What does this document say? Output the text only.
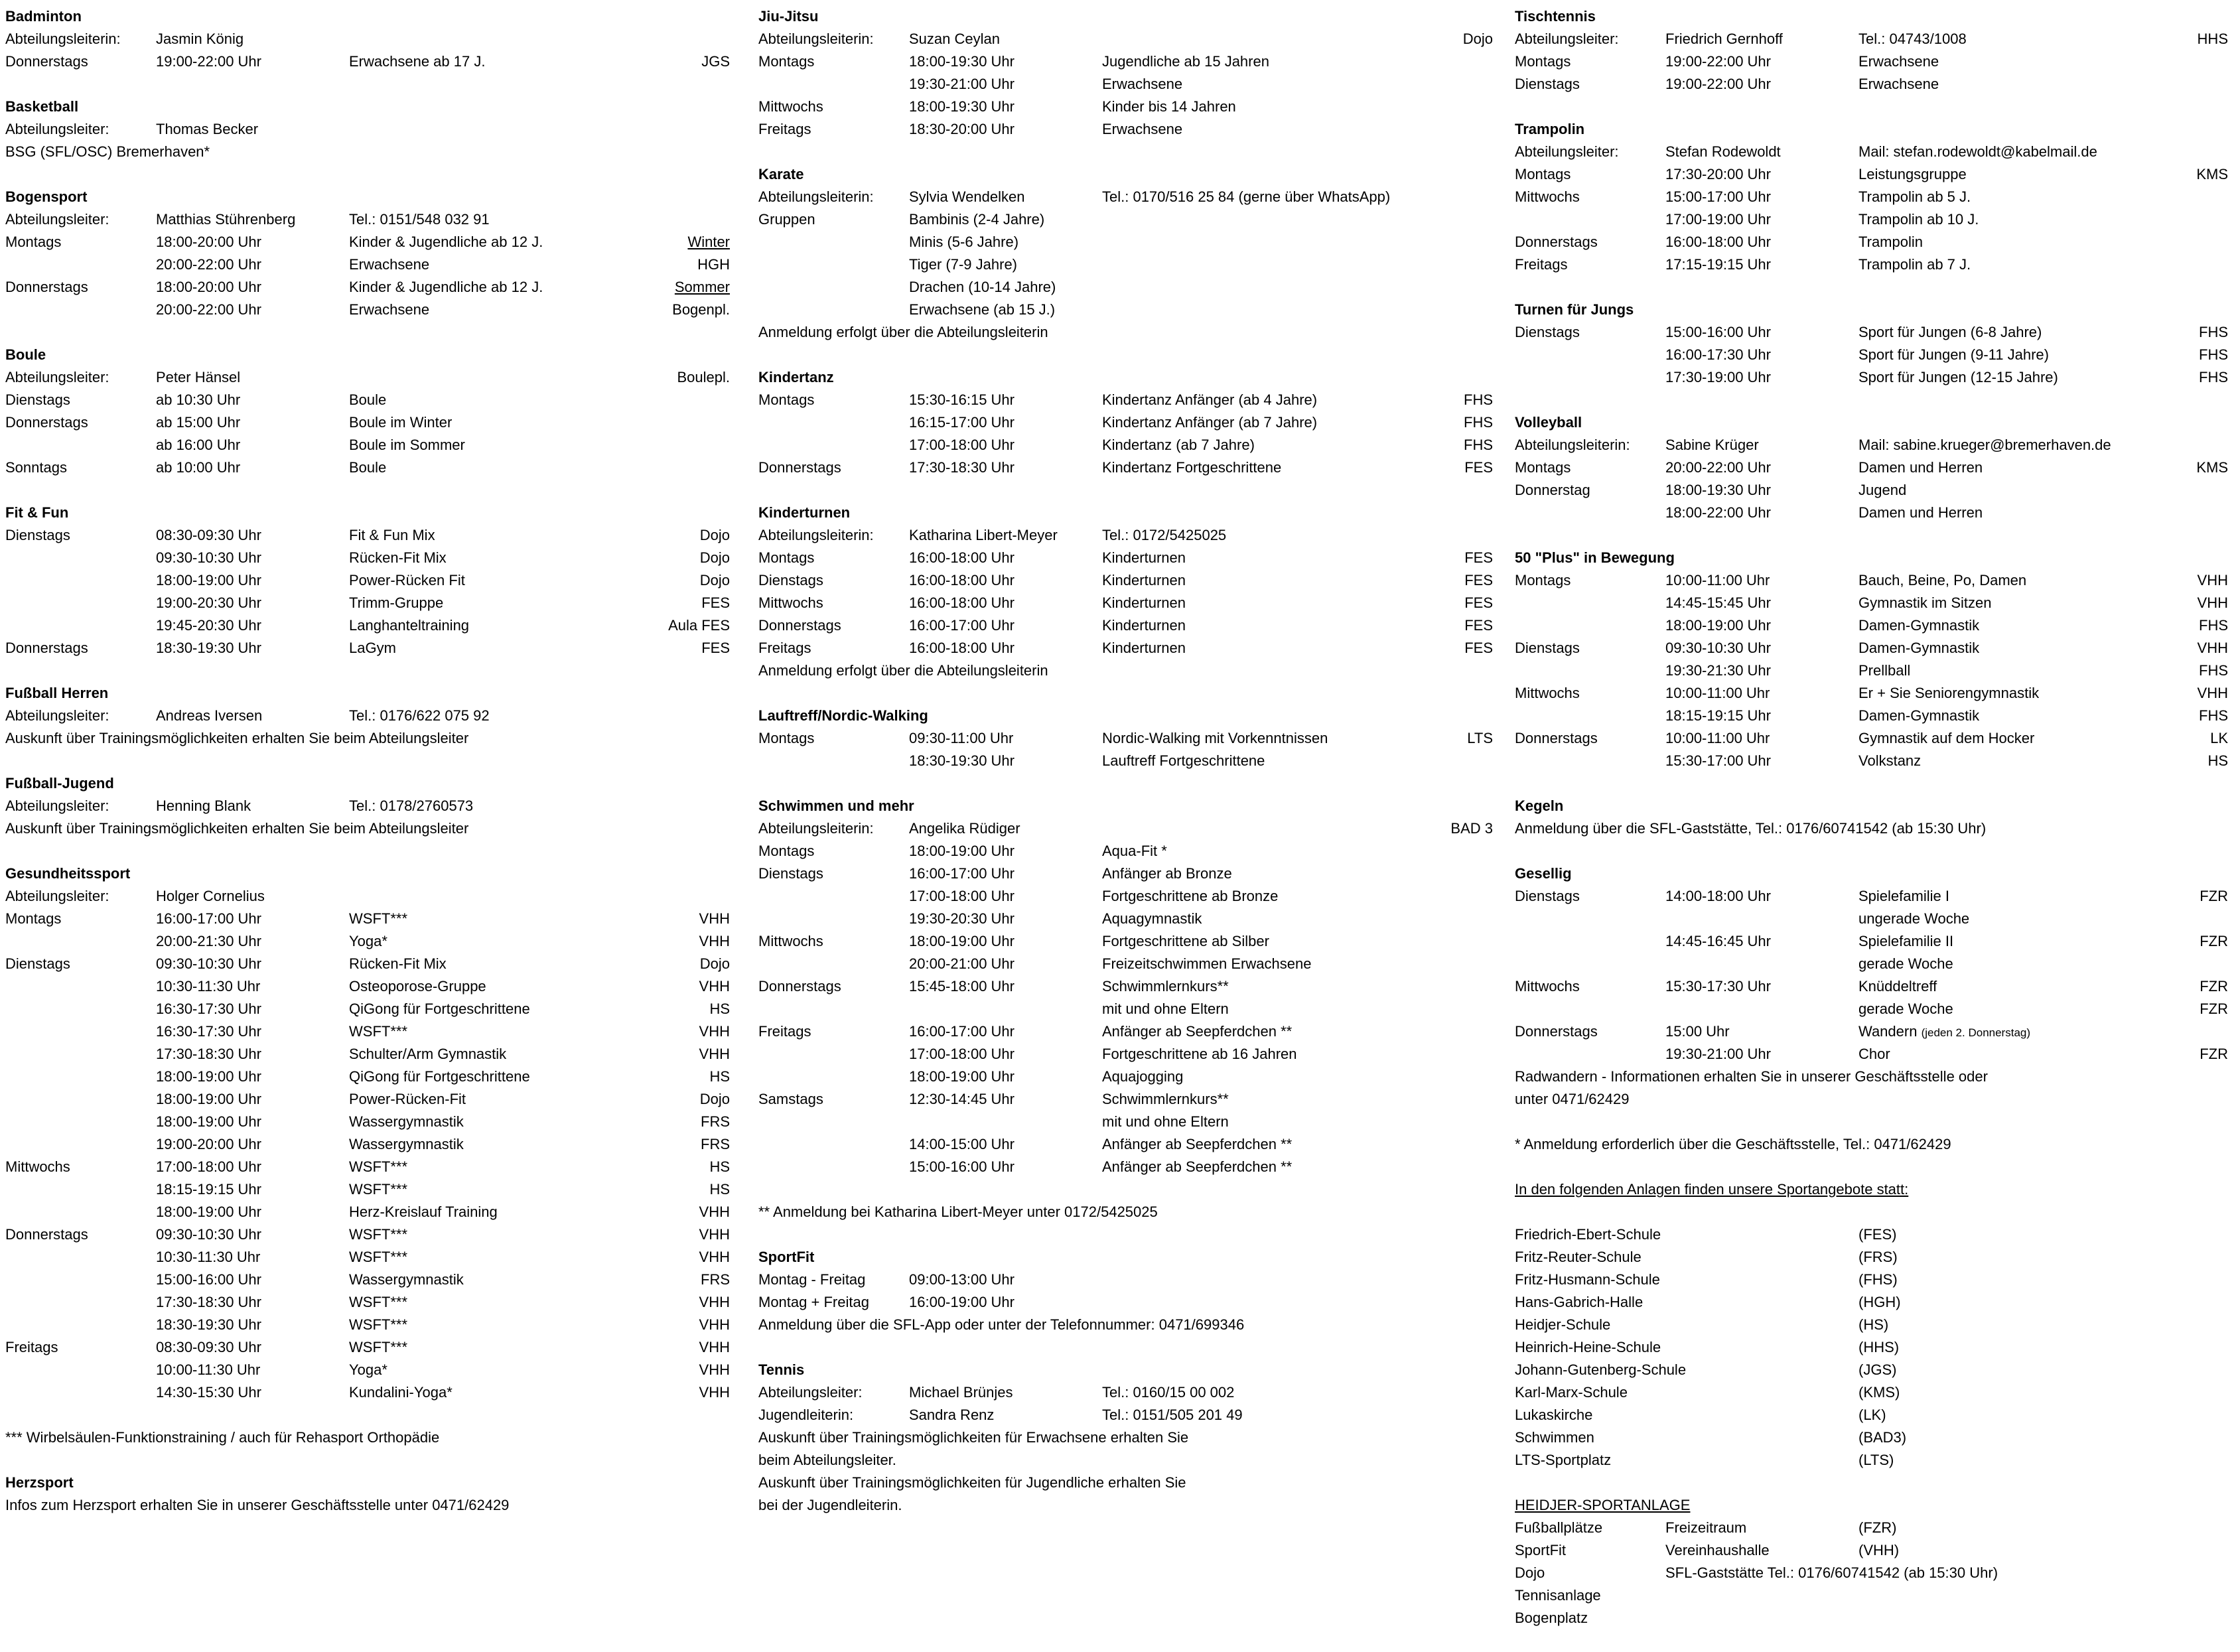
Badminton
Abteilungsleiterin: Jasmin König
Donnerstags	19:00-22:00 Uhr	Erwachsene ab 17 J.	JGS
Basketball
Abteilungsleiter:	Thomas Becker
BSG (SFL/OSC) Bremerhaven*
Bogensport
Abteilungsleiter:	Matthias Stührenberg	Tel.: 0151/548 032 91
Montags	18:00-20:00 Uhr	Kinder & Jugendliche ab 12 J.	Winter
20:00-22:00 Uhr	Erwachsene	HGH
Donnerstags	18:00-20:00 Uhr	Kinder & Jugendliche ab 12 J.	Sommer
20:00-22:00 Uhr	Erwachsene	Bogenpl.
Boule
Abteilungsleiter:	Peter Hänsel	Boulepl.
Dienstags	ab 10:30 Uhr	Boule
Donnerstags	ab 15:00 Uhr	Boule im Winter
ab 16:00 Uhr	Boule im Sommer
Sonntags	ab 10:00 Uhr	Boule
Fit & Fun
Dienstags	08:30-09:30 Uhr	Fit & Fun Mix	Dojo
09:30-10:30 Uhr	Rücken-Fit Mix	Dojo
18:00-19:00 Uhr	Power-Rücken Fit	Dojo
19:00-20:30 Uhr	Trimm-Gruppe	FES
19:45-20:30 Uhr	Langhanteltraining	Aula FES
Donnerstags	18:30-19:30 Uhr	LaGym	FES
Fußball Herren
Abteilungsleiter:	Andreas Iversen	Tel.: 0176/622 075 92
Auskunft über Trainingsmöglichkeiten erhalten Sie beim Abteilungsleiter
Fußball-Jugend
Abteilungsleiter:	Henning Blank	Tel.: 0178/2760573
Auskunft über Trainingsmöglichkeiten erhalten Sie beim Abteilungsleiter
Gesundheitssport
Abteilungsleiter:	Holger Cornelius
Montags	16:00-17:00 Uhr	WSFT***	VHH
20:00-21:30 Uhr	Yoga*	VHH
Dienstags	09:30-10:30 Uhr	Rücken-Fit Mix	Dojo
10:30-11:30 Uhr	Osteoporose-Gruppe	VHH
16:30-17:30 Uhr	QiGong für Fortgeschrittene	HS
16:30-17:30 Uhr	WSFT***	VHH
17:30-18:30 Uhr	Schulter/Arm Gymnastik	VHH
18:00-19:00 Uhr	QiGong für Fortgeschrittene	HS
18:00-19:00 Uhr	Power-Rücken-Fit	Dojo
18:00-19:00 Uhr	Wassergymnastik	FRS
19:00-20:00 Uhr	Wassergymnastik	FRS
Mittwochs	17:00-18:00 Uhr	WSFT***	HS
18:15-19:15 Uhr	WSFT***	HS
18:00-19:00 Uhr	Herz-Kreislauf Training	VHH
Donnerstags	09:30-10:30 Uhr	WSFT***	VHH
10:30-11:30 Uhr	WSFT***	VHH
15:00-16:00 Uhr	Wassergymnastik	FRS
17:30-18:30 Uhr	WSFT***	VHH
18:30-19:30 Uhr	WSFT***	VHH
Freitags	08:30-09:30 Uhr	WSFT***	VHH
10:00-11:30 Uhr	Yoga*	VHH
14:30-15:30 Uhr	Kundalini-Yoga*	VHH
*** Wirbelsäulen-Funktionstraining / auch für Rehasport Orthopädie
Herzsport
Infos zum Herzsport erhalten Sie in unserer Geschäftsstelle unter 0471/62429
Jiu-Jitsu
Abteilungsleiterin: Suzan Ceylan	Dojo
Montags	18:00-19:30 Uhr	Jugendliche ab 15 Jahren
19:30-21:00 Uhr	Erwachsene
Mittwochs	18:00-19:30 Uhr	Kinder bis 14 Jahren
Freitags	18:30-20:00 Uhr	Erwachsene
Karate
Abteilungsleiterin: Sylvia Wendelken	Tel.: 0170/516 25 84 (gerne über WhatsApp)
Gruppen	Bambinis (2-4 Jahre)
Minis (5-6 Jahre)
Tiger (7-9 Jahre)
Drachen (10-14 Jahre)
Erwachsene (ab 15 J.)
Anmeldung erfolgt über die Abteilungsleiterin
Kindertanz
Montags	15:30-16:15 Uhr	Kindertanz Anfänger (ab 4 Jahre)	FHS
16:15-17:00 Uhr	Kindertanz Anfänger (ab 7 Jahre)	FHS
17:00-18:00 Uhr	Kindertanz (ab 7 Jahre)	FHS
Donnerstags	17:30-18:30 Uhr	Kindertanz Fortgeschrittene	FES
Kinderturnen
Abteilungsleiterin: Katharina Libert-Meyer	Tel.: 0172/5425025
Montags	16:00-18:00 Uhr	Kinderturnen	FES
Dienstags	16:00-18:00 Uhr	Kinderturnen	FES
Mittwochs	16:00-18:00 Uhr	Kinderturnen	FES
Donnerstags	16:00-17:00 Uhr	Kinderturnen	FES
Freitags	16:00-18:00 Uhr	Kinderturnen	FES
Anmeldung erfolgt über die Abteilungsleiterin
Lauftreff/Nordic-Walking
Montags	09:30-11:00 Uhr	Nordic-Walking mit Vorkenntnissen	LTS
18:30-19:30 Uhr	Lauftreff Fortgeschrittene
Schwimmen und mehr
Abteilungsleiterin: Angelika Rüdiger	BAD 3
Montags	18:00-19:00 Uhr	Aqua-Fit *
Dienstags	16:00-17:00 Uhr	Anfänger ab Bronze
17:00-18:00 Uhr	Fortgeschrittene ab Bronze
19:30-20:30 Uhr	Aquagymnastik
Mittwochs	18:00-19:00 Uhr	Fortgeschrittene ab Silber
20:00-21:00 Uhr	Freizeitschwimmen Erwachsene
Donnerstags	15:45-18:00 Uhr	Schwimmlernkurs**
mit und ohne Eltern
Freitags	16:00-17:00 Uhr	Anfänger ab Seepferdchen **
17:00-18:00 Uhr	Fortgeschrittene ab 16 Jahren
18:00-19:00 Uhr	Aquajogging
Samstags	12:30-14:45 Uhr	Schwimmlernkurs**
mit und ohne Eltern
14:00-15:00 Uhr	Anfänger ab Seepferdchen **
15:00-16:00 Uhr	Anfänger ab Seepferdchen **
** Anmeldung bei Katharina Libert-Meyer unter 0172/5425025
SportFit
Montag - Freitag	09:00-13:00 Uhr
Montag + Freitag	16:00-19:00 Uhr
Anmeldung über die SFL-App oder unter der Telefonnummer: 0471/699346
Tennis
Abteilungsleiter:	Michael Brünjes	Tel.: 0160/15 00 002
Jugendleiterin:	Sandra Renz	Tel.: 0151/505 201 49
Auskunft über Trainingsmöglichkeiten für Erwachsene erhalten Sie
beim Abteilungsleiter.
Auskunft über Trainingsmöglichkeiten für Jugendliche erhalten Sie
bei der Jugendleiterin.
Tischtennis
Abteilungsleiter:	Friedrich Gernhoff	Tel.: 04743/1008	HHS
Montags	19:00-22:00 Uhr	Erwachsene
Dienstags	19:00-22:00 Uhr	Erwachsene
Trampolin
Abteilungsleiter:	Stefan Rodewoldt	Mail: stefan.rodewoldt@kabelmail.de
Montags	17:30-20:00 Uhr	Leistungsgruppe	KMS
Mittwochs	15:00-17:00 Uhr	Trampolin ab 5 J.
17:00-19:00 Uhr	Trampolin ab 10 J.
Donnerstags	16:00-18:00 Uhr	Trampolin
Freitags	17:15-19:15 Uhr	Trampolin ab 7 J.
Turnen für Jungs
Dienstags	15:00-16:00 Uhr	Sport für Jungen (6-8 Jahre)	FHS
16:00-17:30 Uhr	Sport für Jungen (9-11 Jahre)	FHS
17:30-19:00 Uhr	Sport für Jungen (12-15 Jahre)	FHS
Volleyball
Abteilungsleiterin: Sabine Krüger	Mail: sabine.krueger@bremerhaven.de
Montags	20:00-22:00 Uhr	Damen und Herren	KMS
Donnerstag	18:00-19:30 Uhr	Jugend
18:00-22:00 Uhr	Damen und Herren
50 "Plus" in Bewegung
Montags	10:00-11:00 Uhr	Bauch, Beine, Po, Damen	VHH
14:45-15:45 Uhr	Gymnastik im Sitzen	VHH
18:00-19:00 Uhr	Damen-Gymnastik	FHS
Dienstags	09:30-10:30 Uhr	Damen-Gymnastik	VHH
19:30-21:30 Uhr	Prellball	FHS
Mittwochs	10:00-11:00 Uhr	Er + Sie Seniorengymnastik	VHH
18:15-19:15 Uhr	Damen-Gymnastik	FHS
Donnerstags	10:00-11:00 Uhr	Gymnastik auf dem Hocker	LK
15:30-17:00 Uhr	Volkstanz	HS
Kegeln
Anmeldung über die SFL-Gaststätte, Tel.: 0176/60741542 (ab 15:30 Uhr)
Gesellig
Dienstags	14:00-18:00 Uhr	Spielefamilie I	FZR
ungerade Woche
14:45-16:45 Uhr	Spielefamilie II	FZR
gerade Woche
Mittwochs	15:30-17:30 Uhr	Knüddeltreff	FZR
gerade Woche	FZR
Donnerstags	15:00 Uhr	Wandern (jeden 2. Donnerstag)
19:30-21:00 Uhr	Chor	FZR
Radwandern - Informationen erhalten Sie in unserer Geschäftsstelle oder
unter 0471/62429
* Anmeldung erforderlich über die Geschäftsstelle, Tel.: 0471/62429
In den folgenden Anlagen finden unsere Sportangebote statt:
Friedrich-Ebert-Schule	(FES)
Fritz-Reuter-Schule	(FRS)
Fritz-Husmann-Schule	(FHS)
Hans-Gabrich-Halle	(HGH)
Heidjer-Schule	(HS)
Heinrich-Heine-Schule	(HHS)
Johann-Gutenberg-Schule	(JGS)
Karl-Marx-Schule	(KMS)
Lukaskirche	(LK)
Schwimmen	(BAD3)
LTS-Sportplatz	(LTS)
HEIDJER-SPORTANLAGE
Fußballplätze	Freizeitraum	(FZR)
SportFit	Vereinhaushalle	(VHH)
Dojo	SFL-Gaststätte Tel.: 0176/60741542 (ab 15:30 Uhr)
Tennisanlage
Bogenplatz
